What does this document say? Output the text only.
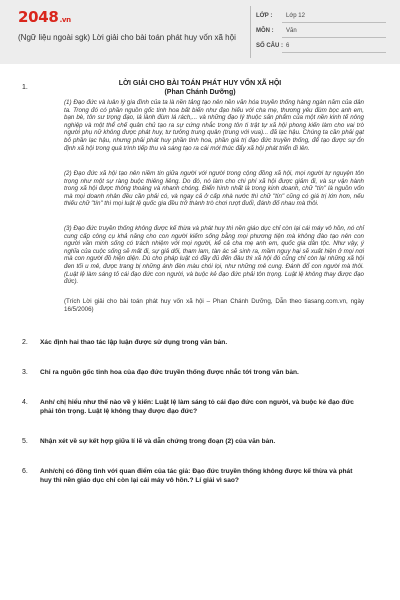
2048.vn
(Ngữ liệu ngoài sgk) Lời giải cho bài toán phát huy vốn xã hội
LỚP : Lớp 12
MÔN : Văn
SỐ CÂU : 6
1.
LỜI GIẢI CHO BÀI TOÁN PHÁT HUY VỐN XÃ HỘI
(Phan Chánh Dưỡng)
(1) Đạo đức và luân lý gia đình của ta là nền tảng tạo nên nền văn hóa truyền thống hàng ngàn năm của dân ta. Trong đó có phần nguồn gốc tinh hoa bất biến như đạo hiếu với cha mẹ, thương yêu đùm bọc anh em, bạn bè, tôn sư trọng đạo, lá lành đùm lá rách,... và những đạo lý thuộc sản phẩm của một nền kinh tế nông nghiệp và một thể chế quân chủ tạo ra sự cứng nhắc trong tôn ti trật tự xã hội phong kiến làm cho vai trò người phụ nữ không được phát huy, tư tưởng trung quân (trung với vua)... đã lạc hậu. Chúng ta cần phải gạt bỏ phần lạc hậu, nhưng phải phát huy phần tinh hoa, phần giá trị đạo đức truyền thống, để tạo được sự ổn định xã hội trong quá trình tiếp thu và sáng tạo ra cái mới thúc đẩy xã hội phát triển đi lên.
(2) Đạo đức xã hội tạo nên niềm tin giữa người với người trong cộng đồng xã hội, mọi người tự nguyện tôn trọng như một sự ràng buộc thiêng liêng. Do đó, nó làm cho chi phí xã hội được giảm đi, và sự vận hành trong xã hội được thông thoáng và nhanh chóng. Điển hình nhất là trong kinh doanh, chữ "tín" là nguồn vốn mà mọi doanh nhân đều cần phải có, và ngay cả ở cấp nhà nước thì chữ "tín" cũng có giá trị lớn hơn, nếu thiếu chữ "tín" thì mọi luật lệ quốc gia đều trở thành trò chơi rượt đuổi, đánh đố nhau mà thôi.
(3) Đạo đức truyền thống không được kế thừa và phát huy thì nền giáo dục chỉ còn lại cái máy vô hồn, nó chỉ cung cấp công cụ khả năng cho con người kiếm sống bằng mọi phương tiện mà không đào tạo nên con người văn minh sống có trách nhiệm với mọi người, kể cả cha mẹ anh em, quốc gia dân tộc. Như vậy, ý nghĩa của cuộc sống sẽ mất đi, sự giả dối, tham lam, tàn ác sẽ sinh ra, mầm nguy hại sẽ xuất hiện ở mọi nơi mà con người đồ hiện diện. Dù cho pháp luật có đầy đủ đến đâu thì xã hội đó cũng chỉ còn lại những xã hội đen tối u mê, được trang bị những ánh đèn màu chói lọi, như những mê cung. Đánh đổ con người mà thôi. (Luật lệ làm sáng tỏ cái đạo đức con người, và buộc kẻ đạo đức phải tôn trọng. Luật lệ không thay được đạo đức).
(Trích Lời giải cho bài toán phát huy vốn xã hội – Phan Chánh Dưỡng, Dẫn theo tiasang.com.vn, ngày 16/5/2006)
2. Xác định hai thao tác lập luận được sử dụng trong văn bản.
3. Chỉ ra nguồn gốc tinh hoa của đạo đức truyền thống được nhắc tới trong văn bản.
4. Anh/ chị hiểu như thế nào về ý kiến: Luật lệ làm sáng tỏ cái đạo đức con người, và buộc kẻ đạo đức phải tôn trọng. Luật lệ không thay được đạo đức?
5. Nhận xét về sự kết hợp giữa lí lẽ và dẫn chứng trong đoạn (2) của văn bản.
6. Anh/chị có đồng tình với quan điểm của tác giả: Đạo đức truyền thống không được kế thừa và phát huy thì nền giáo dục chỉ còn lại cái máy vô hồn.? Lí giải vì sao?
